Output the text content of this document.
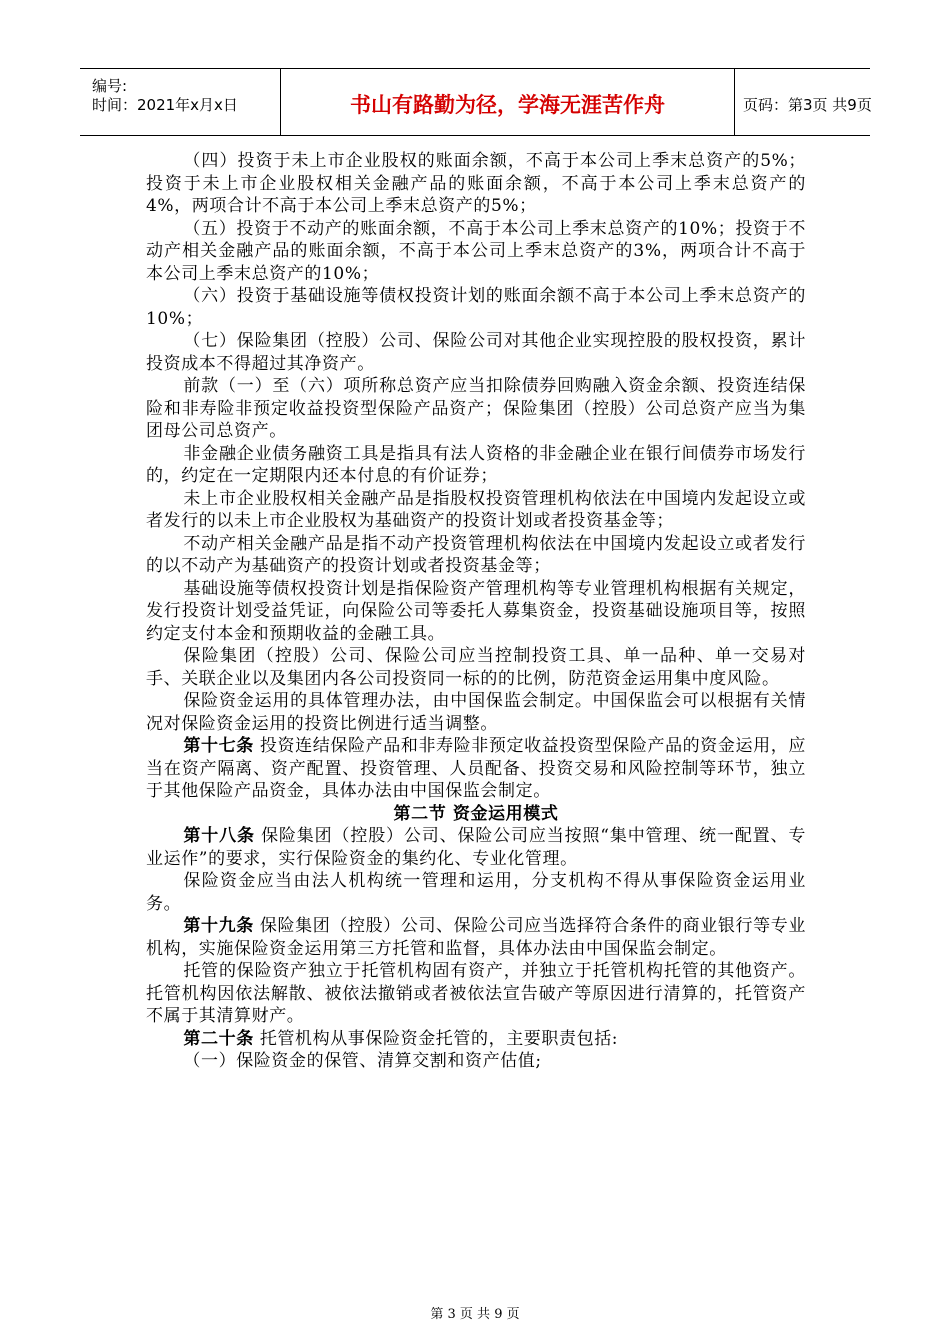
编号:
时间：2021年x月x日	书山有路勤为径，学海无涯苦作舟	页码：第3页 共9页

（四）投资于未上市企业股权的账面余额，不高于本公司上季末总资产的5%；投资于未上市企业股权相关金融产品的账面余额，不高于本公司上季末总资产的4%，两项合计不高于本公司上季末总资产的5%；

（五）投资于不动产的账面余额，不高于本公司上季末总资产的10%；投资于不动产相关金融产品的账面余额，不高于本公司上季末总资产的3%，两项合计不高于本公司上季末总资产的10%；

（六）投资于基础设施等债权投资计划的账面余额不高于本公司上季末总资产的10%；

（七）保险集团（控股）公司、保险公司对其他企业实现控股的股权投资，累计投资成本不得超过其净资产。

前款（一）至（六）项所称总资产应当扣除债券回购融入资金余额、投资连结保险和非寿险非预定收益投资型保险产品资产；保险集团（控股）公司总资产应当为集团母公司总资产。

非金融企业债务融资工具是指具有法人资格的非金融企业在银行间债券市场发行的，约定在一定期限内还本付息的有价证券；

未上市企业股权相关金融产品是指股权投资管理机构依法在中国境内发起设立或者发行的以未上市企业股权为基础资产的投资计划或者投资基金等；

不动产相关金融产品是指不动产投资管理机构依法在中国境内发起设立或者发行的以不动产为基础资产的投资计划或者投资基金等；

基础设施等债权投资计划是指保险资产管理机构等专业管理机构根据有关规定，发行投资计划受益凭证，向保险公司等委托人募集资金，投资基础设施项目等，按照约定支付本金和预期收益的金融工具。

保险集团（控股）公司、保险公司应当控制投资工具、单一品种、单一交易对手、关联企业以及集团内各公司投资同一标的的比例，防范资金运用集中度风险。

保险资金运用的具体管理办法，由中国保监会制定。中国保监会可以根据有关情况对保险资金运用的投资比例进行适当调整。

第十七条 投资连结保险产品和非寿险非预定收益投资型保险产品的资金运用，应当在资产隔离、资产配置、投资管理、人员配备、投资交易和风险控制等环节，独立于其他保险产品资金，具体办法由中国保监会制定。

第二节 资金运用模式

第十八条 保险集团（控股）公司、保险公司应当按照“集中管理、统一配置、专业运作”的要求，实行保险资金的集约化、专业化管理。

保险资金应当由法人机构统一管理和运用，分支机构不得从事保险资金运用业务。

第十九条 保险集团（控股）公司、保险公司应当选择符合条件的商业银行等专业机构，实施保险资金运用第三方托管和监督，具体办法由中国保监会制定。

托管的保险资产独立于托管机构固有资产，并独立于托管机构托管的其他资产。托管机构因依法解散、被依法撤销或者被依法宣告破产等原因进行清算的，托管资产不属于其清算财产。

第二十条 托管机构从事保险资金托管的，主要职责包括:

（一）保险资金的保管、清算交割和资产估值;

第 3 页 共 9 页
